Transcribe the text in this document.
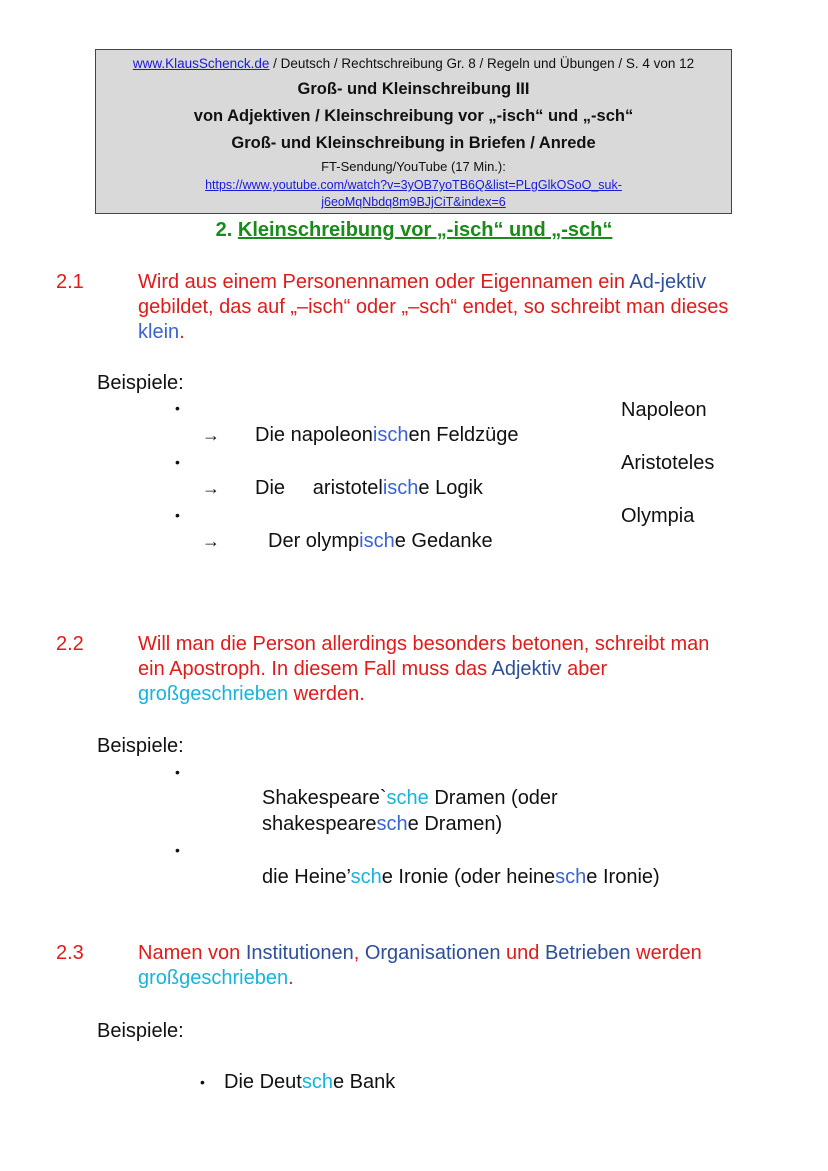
www.KlausSchenck.de / Deutsch / Rechtschreibung Gr. 8 / Regeln und Übungen / S. 4 von 12
Groß- und Kleinschreibung III
von Adjektiven / Kleinschreibung vor „-isch“ und „-sch“
Groß- und Kleinschreibung in Briefen / Anrede
FT-Sendung/YouTube (17 Min.):
https://www.youtube.com/watch?v=3yOB7yoTB6Q&list=PLgGlkOSoO_suk-
j6eoMqNbdq8m9BJjCiT&index=6
2. Kleinschreibung vor „-isch“ und „-sch“
2.1	Wird aus einem Personennamen oder Eigennamen ein Ad-jektiv gebildet, das auf „–isch“ oder „–sch“ endet, so schreibt man dieses klein.
Beispiele:
•	Napoleon
→ Die napoleonischen Feldzüge
•	Aristoteles
→ Die     aristotelische Logik
•	Olympia
→ Der olympische Gedanke
2.2	Will man die Person allerdings besonders betonen, schreibt man ein Apostroph. In diesem Fall muss das Adjektiv aber großgeschrieben werden.
Beispiele:
•
Shakespeare`sche Dramen (oder
shakespearesche Dramen)
•
die Heine’sche Ironie (oder heinesche Ironie)
2.3	Namen von Institutionen, Organisationen und Betrieben werden großgeschrieben.
Beispiele:
• Die Deutsche Bank
